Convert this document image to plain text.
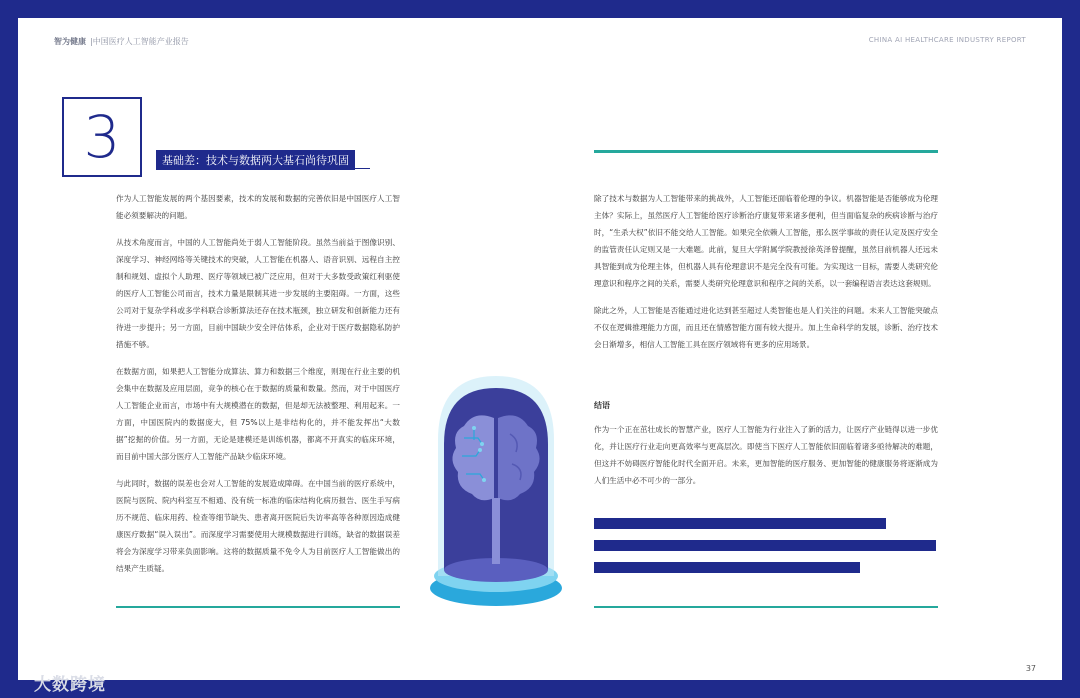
智为健康 |中国医疗人工智能产业报告	CHINA AI HEALTHCARE INDUSTRY REPORT
3	基础差：技术与数据两大基石尚待巩固

作为人工智能发展的两个基因要素，技术的发展和数据的完善依旧是中国医疗人工智能必须要解决的问题。

从技术角度而言，中国的人工智能尚处于弱人工智能阶段。虽然当前益于图像识别、深度学习、神经网络等关键技术的突破，人工智能在机器人、语音识别、远程自主控制和规划、虚拟个人助理、医疗等领域已被广泛应用，但对于大多数受政策红利驱使的医疗人工智能公司而言，技术力量是限制其进一步发展的主要阻碍。一方面，这些公司对于复杂学科或多学科联合诊断算法还存在技术瓶颈，独立研发和创新能力还有待进一步提升；另一方面，目前中国缺少安全评估体系，企业对于医疗数据隐私防护措施不够。

在数据方面，如果把人工智能分成算法、算力和数据三个维度，则现在行业主要的机会集中在数据及应用层面，竞争的核心在于数据的质量和数量。然而，对于中国医疗人工智能企业而言，市场中有大规模潜在的数据，但是却无法被整理、利用起来。一方面，中国医院内的数据庞大，但 75%以上是非结构化的，并不能发挥出“大数据”挖掘的价值。另一方面，无论是建模还是训练机器，都离不开真实的临床环境，而目前中国大部分医疗人工智能产品缺少临床环境。

与此同时，数据的误差也会对人工智能的发展造成障碍。在中国当前的医疗系统中，医院与医院、院内科室互不相通、没有统一标准的临床结构化病历报告、医生手写病历不规范、临床用药、检查等细节缺失、患者离开医院后失访率高等各种原因造成健康医疗数据“误入误出”。而深度学习需要使用大规模数据进行训练，缺省的数据误差将会为深度学习带来负面影响。这将的数据质量不免令人为目前医疗人工智能做出的结果产生质疑。

除了技术与数据为人工智能带来的挑战外，人工智能还面临着伦理的争议。机器智能是否能够成为伦理主体？实际上，虽然医疗人工智能给医疗诊断治疗康复带来诸多便利，但当面临复杂的疾病诊断与治疗时，“生杀大权”依旧不能交给人工智能。如果完全依赖人工智能，那么医学事故的责任认定及医疗安全的监管责任认定则又是一大难题。此前，复旦大学附属学院教授徐英泽曾提醒，虽然目前机器人还远未具智能到成为伦理主体，但机器人具有伦理意识不是完全没有可能。为实现这一目标，需要人类研究伦理意识和程序之间的关系，需要人类研究伦理意识和程序之间的关系，以一套编程语言表达这套规则。

除此之外，人工智能是否能通过进化达到甚至超过人类智能也是人们关注的问题。未来人工智能突破点不仅在逻辑推理能力方面，而且还在情感智能方面有较大提升。加上生命科学的发展，诊断、治疗技术会日渐增多，相信人工智能工具在医疗领域将有更多的应用场景。

结语

作为一个正在茁壮成长的智慧产业，医疗人工智能为行业注入了新的活力，让医疗产业链得以进一步优化，并让医疗行业走向更高效率与更高层次。即使当下医疗人工智能依旧面临着诸多亟待解决的难题，但这并不妨碍医疗智能化时代全面开启。未来，更加智能的医疗服务、更加智能的健康服务将逐渐成为人们生活中必不可少的一部分。

37
大数跨境
